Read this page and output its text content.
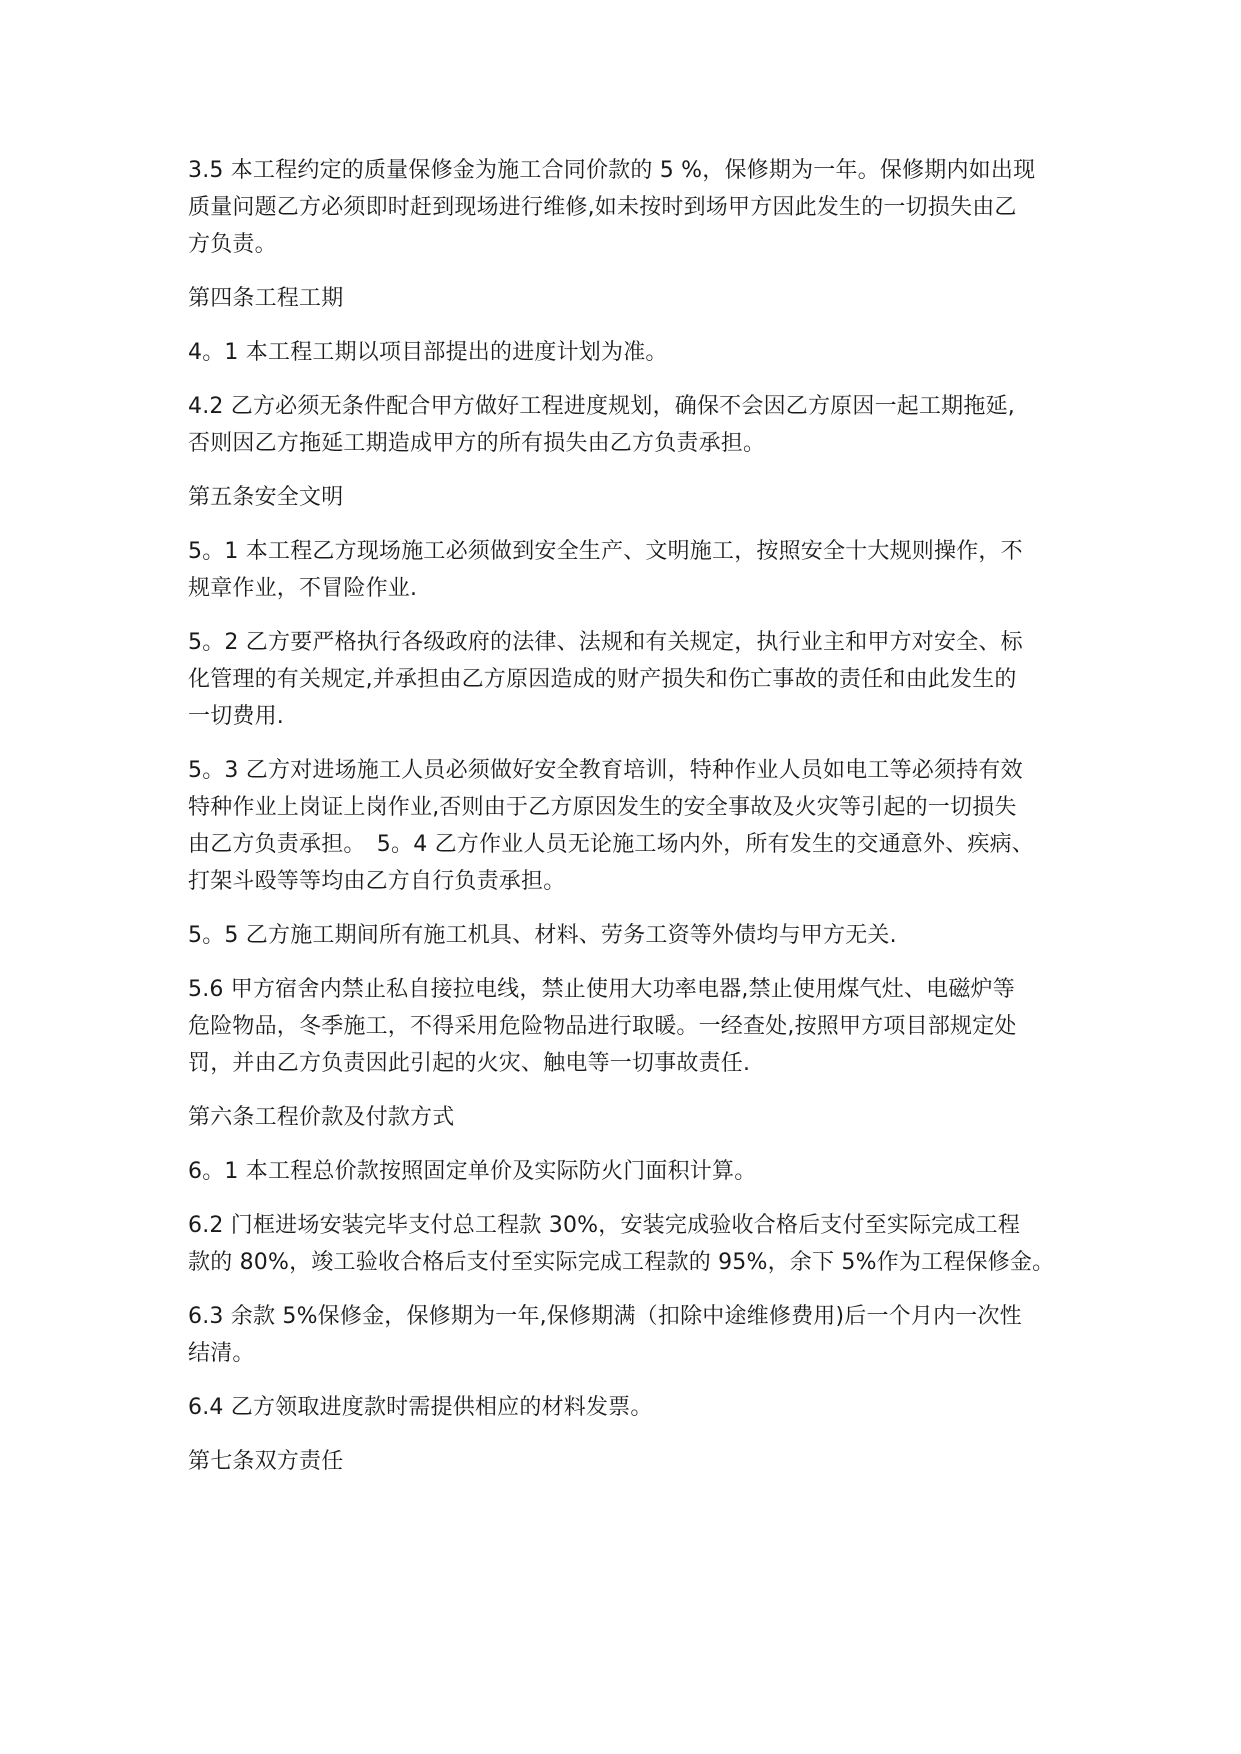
3.5 本工程约定的质量保修金为施工合同价款的 5 %，保修期为一年。保修期内如出现
质量问题乙方必须即时赶到现场进行维修,如未按时到场甲方因此发生的一切损失由乙
方负责。

第四条工程工期

4。1 本工程工期以项目部提出的进度计划为准。

4.2 乙方必须无条件配合甲方做好工程进度规划，确保不会因乙方原因一起工期拖延,
否则因乙方拖延工期造成甲方的所有损失由乙方负责承担。

第五条安全文明

5。1 本工程乙方现场施工必须做到安全生产、文明施工，按照安全十大规则操作，不
规章作业，不冒险作业.

5。2 乙方要严格执行各级政府的法律、法规和有关规定，执行业主和甲方对安全、标
化管理的有关规定,并承担由乙方原因造成的财产损失和伤亡事故的责任和由此发生的
一切费用.

5。3 乙方对进场施工人员必须做好安全教育培训，特种作业人员如电工等必须持有效
特种作业上岗证上岗作业,否则由于乙方原因发生的安全事故及火灾等引起的一切损失
由乙方负责承担。　5。4 乙方作业人员无论施工场内外，所有发生的交通意外、疾病、
打架斗殴等等均由乙方自行负责承担。

5。5 乙方施工期间所有施工机具、材料、劳务工资等外债均与甲方无关.

5.6 甲方宿舍内禁止私自接拉电线，禁止使用大功率电器,禁止使用煤气灶、电磁炉等
危险物品，冬季施工，不得采用危险物品进行取暖。一经查处,按照甲方项目部规定处
罚，并由乙方负责因此引起的火灾、触电等一切事故责任.

第六条工程价款及付款方式

6。1 本工程总价款按照固定单价及实际防火门面积计算。

6.2 门框进场安装完毕支付总工程款 30%，安装完成验收合格后支付至实际完成工程
款的 80%，竣工验收合格后支付至实际完成工程款的 95%，余下 5%作为工程保修金。

6.3 余款 5%保修金，保修期为一年,保修期满（扣除中途维修费用)后一个月内一次性
结清。

6.4 乙方领取进度款时需提供相应的材料发票。

第七条双方责任
